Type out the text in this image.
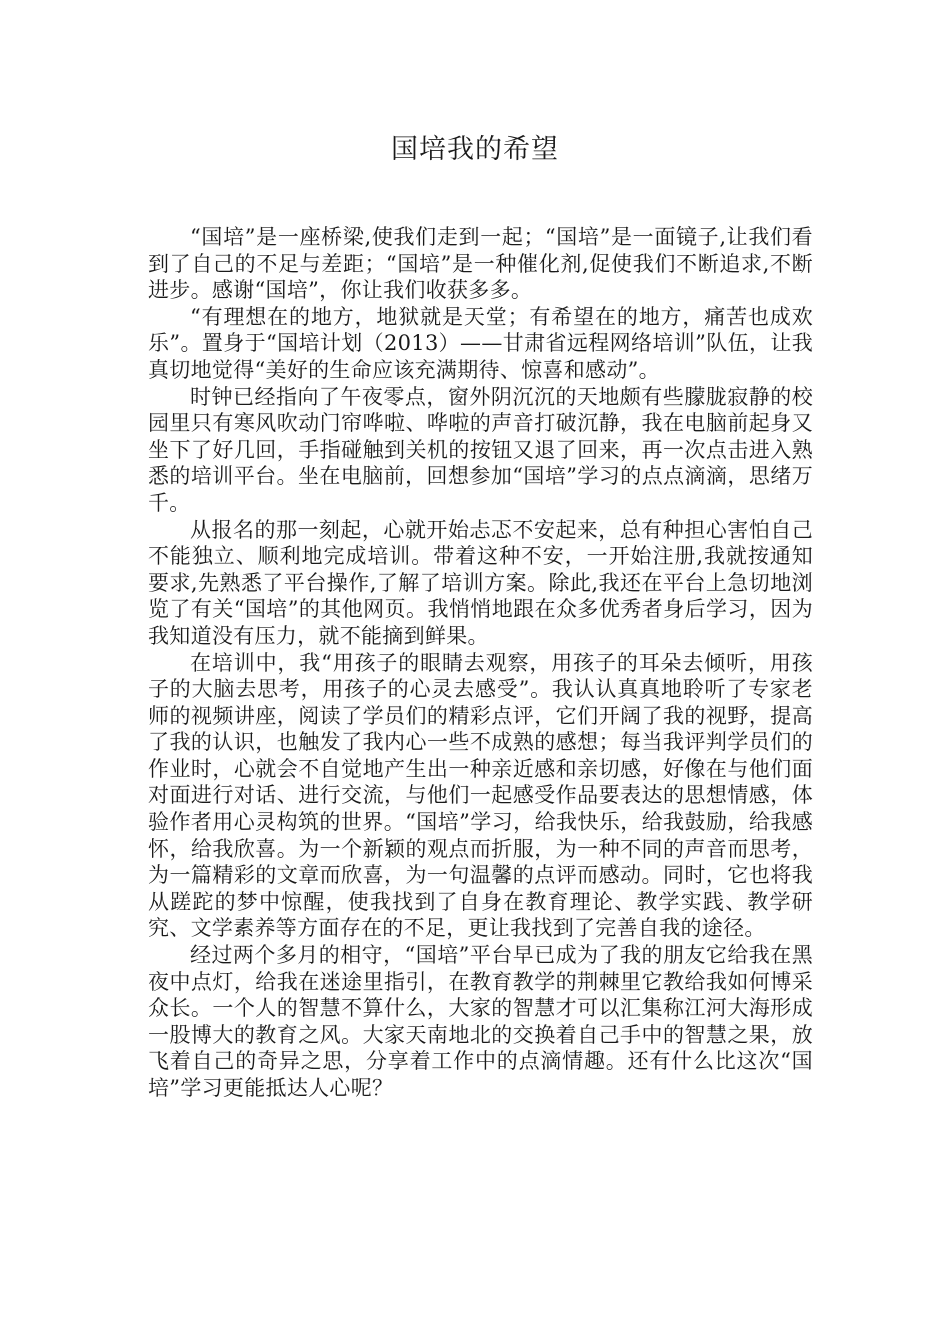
国培我的希望

“国培”是一座桥梁,使我们走到一起；“国培”是一面镜子,让我们看到了自己的不足与差距；“国培”是一种催化剂,促使我们不断追求,不断进步。感谢“国培”，你让我们收获多多。

“有理想在的地方，地狱就是天堂；有希望在的地方，痛苦也成欢乐”。置身于“国培计划（2013）——甘肃省远程网络培训”队伍，让我真切地觉得“美好的生命应该充满期待、惊喜和感动”。

时钟已经指向了午夜零点，窗外阴沉沉的天地颇有些朦胧寂静的校园里只有寒风吹动门帘哗啦、哗啦的声音打破沉静，我在电脑前起身又坐下了好几回，手指碰触到关机的按钮又退了回来，再一次点击进入熟悉的培训平台。坐在电脑前，回想参加“国培”学习的点点滴滴，思绪万千。

从报名的那一刻起，心就开始忐忑不安起来，总有种担心害怕自己不能独立、顺利地完成培训。带着这种不安，一开始注册,我就按通知要求,先熟悉了平台操作,了解了培训方案。除此,我还在平台上急切地浏览了有关“国培”的其他网页。我悄悄地跟在众多优秀者身后学习，因为我知道没有压力，就不能摘到鲜果。

在培训中，我“用孩子的眼睛去观察，用孩子的耳朵去倾听，用孩子的大脑去思考，用孩子的心灵去感受”。我认认真真地聆听了专家老师的视频讲座，阅读了学员们的精彩点评，它们开阔了我的视野，提高了我的认识，也触发了我内心一些不成熟的感想；每当我评判学员们的作业时，心就会不自觉地产生出一种亲近感和亲切感，好像在与他们面对面进行对话、进行交流，与他们一起感受作品要表达的思想情感，体验作者用心灵构筑的世界。“国培”学习，给我快乐，给我鼓励，给我感怀，给我欣喜。为一个新颖的观点而折服，为一种不同的声音而思考，为一篇精彩的文章而欣喜，为一句温馨的点评而感动。同时，它也将我从蹉跎的梦中惊醒，使我找到了自身在教育理论、教学实践、教学研究、文学素养等方面存在的不足，更让我找到了完善自我的途径。

经过两个多月的相守，“国培”平台早已成为了我的朋友它给我在黑夜中点灯，给我在迷途里指引，在教育教学的荆棘里它教给我如何博采众长。一个人的智慧不算什么，大家的智慧才可以汇集称江河大海形成一股博大的教育之风。大家天南地北的交换着自己手中的智慧之果，放飞着自己的奇异之思，分享着工作中的点滴情趣。还有什么比这次“国培”学习更能抵达人心呢？
